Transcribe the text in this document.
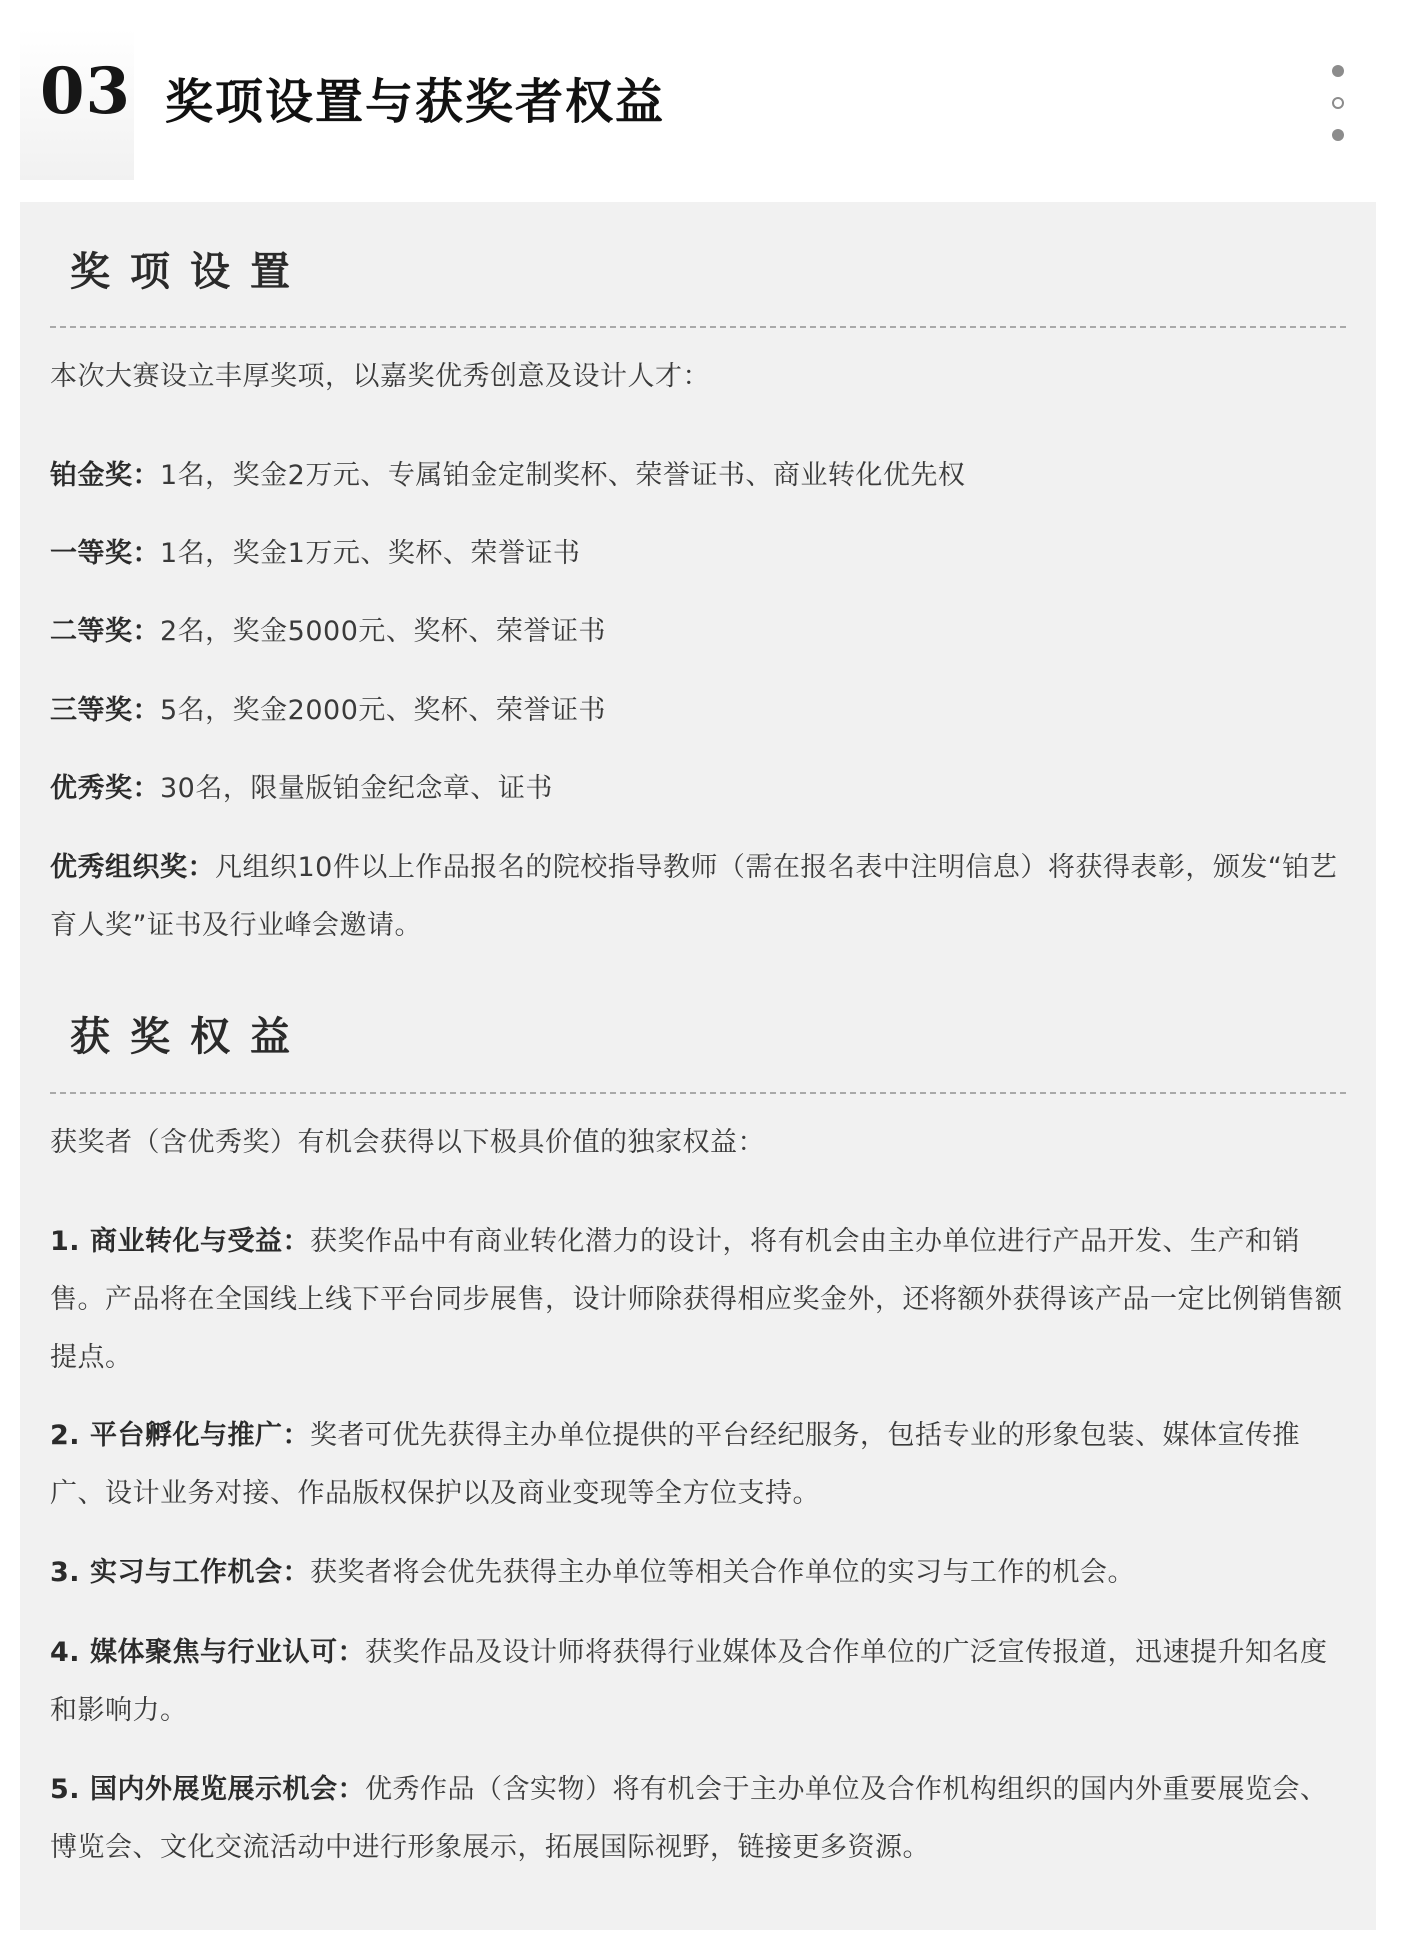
03 奖项设置与获奖者权益
奖项设置

本次大赛设立丰厚奖项，以嘉奖优秀创意及设计人才：

铂金奖：1名，奖金2万元、专属铂金定制奖杯、荣誉证书、商业转化优先权

一等奖：1名，奖金1万元、奖杯、荣誉证书

二等奖：2名，奖金5000元、奖杯、荣誉证书

三等奖：5名，奖金2000元、奖杯、荣誉证书

优秀奖：30名，限量版铂金纪念章、证书

优秀组织奖：凡组织10件以上作品报名的院校指导教师（需在报名表中注明信息）将获得表彰，颁发“铂艺育人奖”证书及行业峰会邀请。

获奖权益

获奖者（含优秀奖）有机会获得以下极具价值的独家权益：

1. 商业转化与受益：获奖作品中有商业转化潜力的设计，将有机会由主办单位进行产品开发、生产和销售。产品将在全国线上线下平台同步展售，设计师除获得相应奖金外，还将额外获得该产品一定比例销售额提点。

2. 平台孵化与推广：奖者可优先获得主办单位提供的平台经纪服务，包括专业的形象包装、媒体宣传推广、设计业务对接、作品版权保护以及商业变现等全方位支持。

3. 实习与工作机会：获奖者将会优先获得主办单位等相关合作单位的实习与工作的机会。

4. 媒体聚焦与行业认可：获奖作品及设计师将获得行业媒体及合作单位的广泛宣传报道，迅速提升知名度和影响力。

5. 国内外展览展示机会：优秀作品（含实物）将有机会于主办单位及合作机构组织的国内外重要展览会、博览会、文化交流活动中进行形象展示，拓展国际视野，链接更多资源。
